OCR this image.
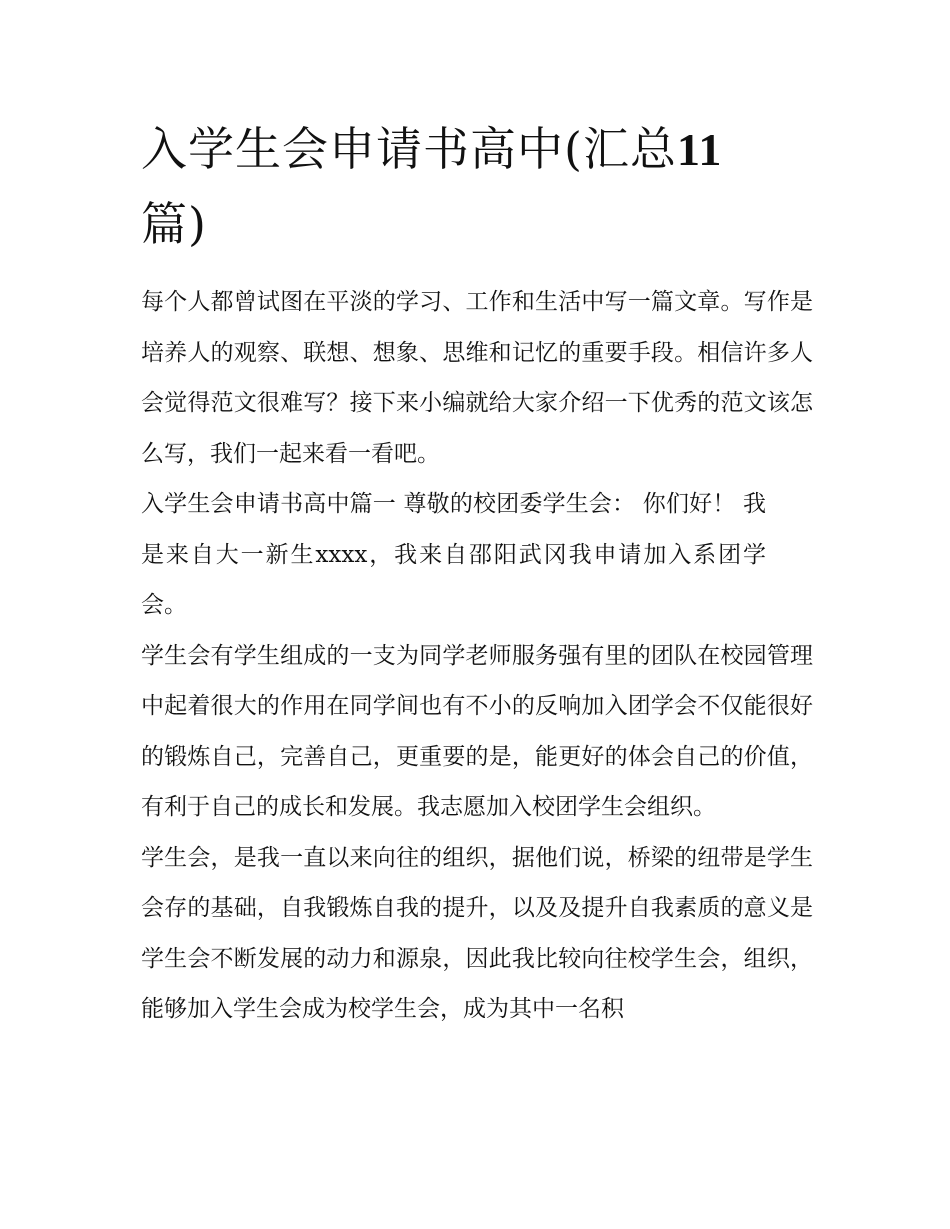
入学生会申请书高中(汇总11
篇)

每个人都曾试图在平淡的学习、工作和生活中写一篇文章。写作是培养人的观察、联想、想象、思维和记忆的重要手段。相信许多人会觉得范文很难写？接下来小编就给大家介绍一下优秀的范文该怎么写，我们一起来看一看吧。

入学生会申请书高中篇一 尊敬的校团委学生会： 你们好！ 我是来自大一新生xxxx，我来自邵阳武冈我申请加入系团学会。

学生会有学生组成的一支为同学老师服务强有里的团队在校园管理中起着很大的作用在同学间也有不小的反响加入团学会不仅能很好的锻炼自己，完善自己，更重要的是，能更好的体会自己的价值，有利于自己的成长和发展。我志愿加入校团学生会组织。

学生会，是我一直以来向往的组织，据他们说，桥梁的纽带是学生会存的基础，自我锻炼自我的提升，以及及提升自我素质的意义是学生会不断发展的动力和源泉，因此我比较向往校学生会，组织，能够加入学生会成为校学生会，成为其中一名积
